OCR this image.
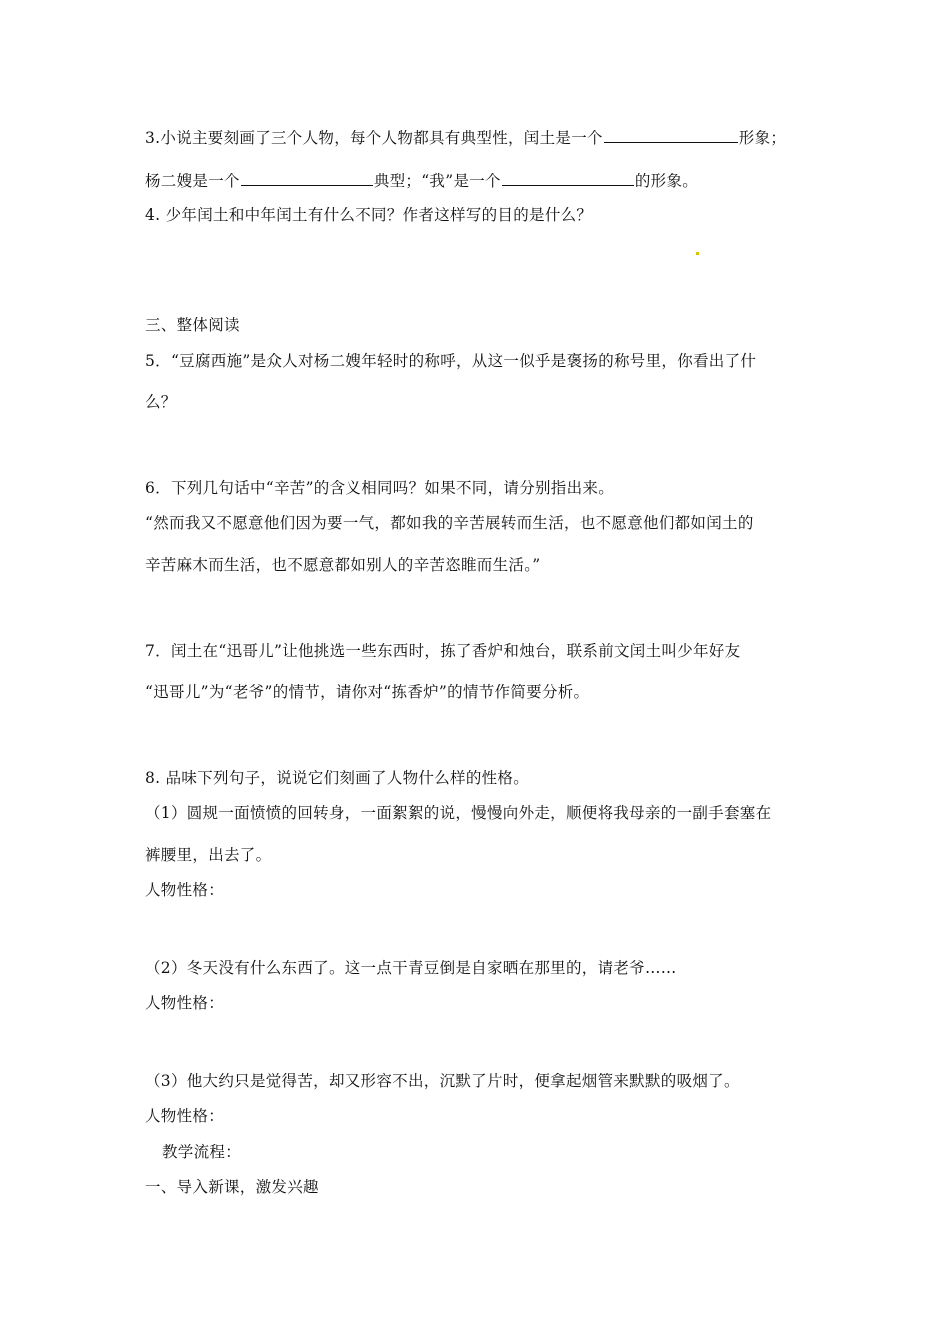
3.小说主要刻画了三个人物，每个人物都具有典型性，闰土是一个	形象；
杨二嫂是一个	典型；“我”是一个	的形象。
4. 少年闰土和中年闰土有什么不同？作者这样写的目的是什么？
三、整体阅读
5．“豆腐西施”是众人对杨二嫂年轻时的称呼，从这一似乎是褒扬的称号里，你看出了什
么？
6．下列几句话中“辛苦”的含义相同吗？如果不同，请分别指出来。
“然而我又不愿意他们因为要一气，都如我的辛苦展转而生活，也不愿意他们都如闰土的
辛苦麻木而生活，也不愿意都如别人的辛苦恣睢而生活。”
7．闰土在“迅哥儿”让他挑选一些东西时，拣了香炉和烛台，联系前文闰土叫少年好友
“迅哥儿”为“老爷”的情节，请你对“拣香炉”的情节作简要分析。
8. 品味下列句子，说说它们刻画了人物什么样的性格。
（1）圆规一面愤愤的回转身，一面絮絮的说，慢慢向外走，顺便将我母亲的一副手套塞在
裤腰里，出去了。
人物性格：
（2）冬天没有什么东西了。这一点干青豆倒是自家晒在那里的，请老爷……
人物性格：
（3）他大约只是觉得苦，却又形容不出，沉默了片时，便拿起烟管来默默的吸烟了。
人物性格：
教学流程：
一、导入新课，激发兴趣
